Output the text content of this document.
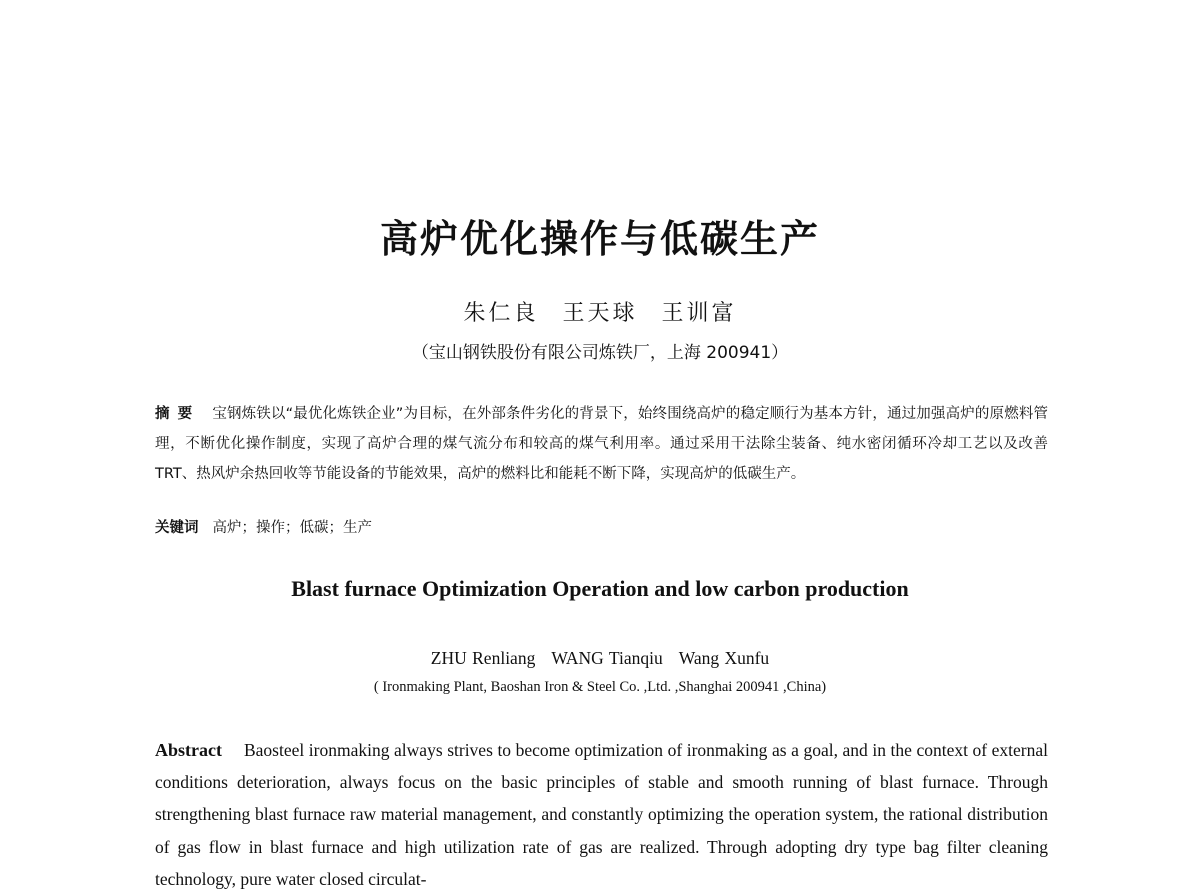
高炉优化操作与低碳生产
朱仁良 王天球 王训富
（宝山钢铁股份有限公司炼铁厂，上海 200941）
摘要 宝钢炼铁以“最优化炼铁企业”为目标，在外部条件劣化的背景下，始终围绕高炉的稳定顺行为基本方针，通过加强高炉的原燃料管理，不断优化操作制度，实现了高炉合理的煤气流分布和较高的煤气利用率。通过采用干法除尘装备、纯水密闭循环冷却工艺以及改善 TRT、热风炉余热回收等节能设备的节能效果，高炉的燃料比和能耗不断下降，实现高炉的低碳生产。
关键词 高炉；操作；低碳；生产
Blast furnace Optimization Operation and low carbon production
ZHU Renliang WANG Tianqiu Wang Xunfu
( Ironmaking Plant, Baoshan Iron & Steel Co. ,Ltd. ,Shanghai 200941 ,China)
Abstract Baosteel ironmaking always strives to become optimization of ironmaking as a goal, and in the context of external conditions deterioration, always focus on the basic principles of stable and smooth running of blast furnace. Through strengthening blast furnace raw material management, and constantly optimizing the operation system, the rational distribution of gas flow in blast furnace and high utilization rate of gas are realized. Through adopting dry type bag filter cleaning technology, pure water closed circulat-
